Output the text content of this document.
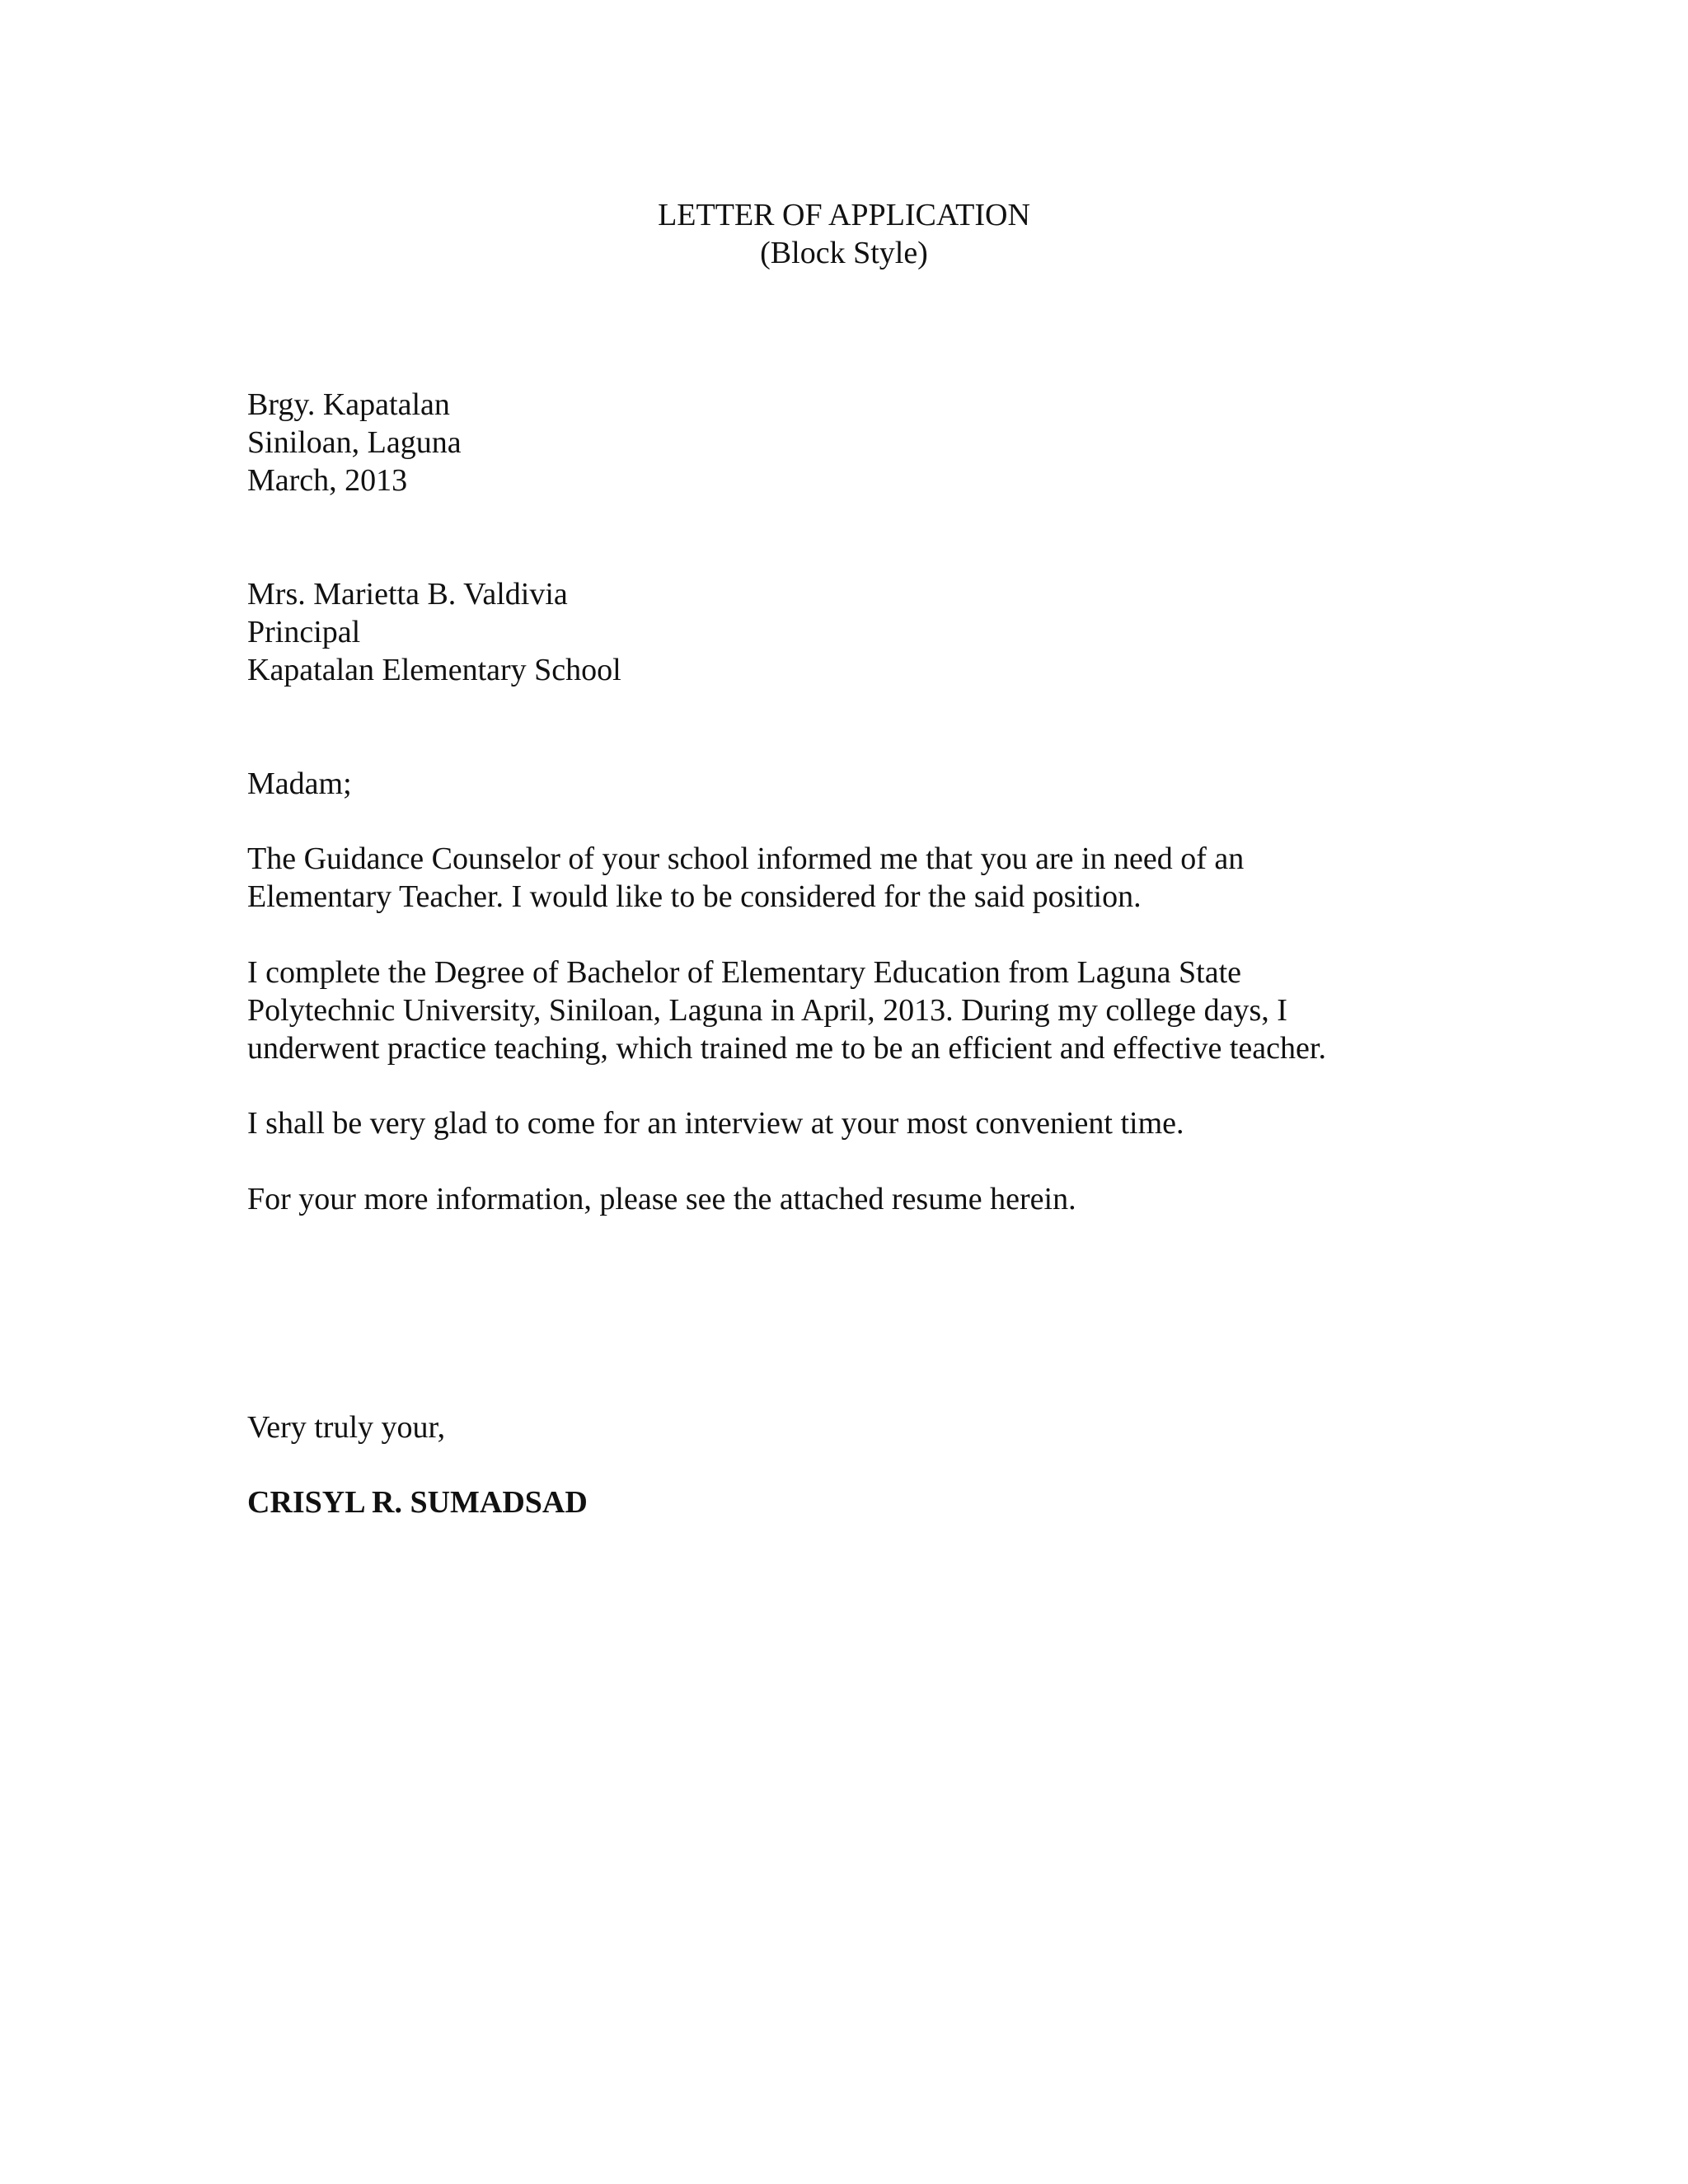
LETTER OF APPLICATION
(Block Style)
Brgy. Kapatalan
Siniloan, Laguna
March, 2013
Mrs. Marietta B. Valdivia
Principal
Kapatalan Elementary School
Madam;
The Guidance Counselor of your school informed me that you are in need of an
Elementary Teacher. I would like to be considered for the said position.
I complete the Degree of Bachelor of Elementary Education from Laguna State
Polytechnic University, Siniloan, Laguna in April, 2013. During my college days, I
underwent practice teaching, which trained me to be an efficient and effective teacher.
I shall be very glad to come for an interview at your most convenient time.
For your more information, please see the attached resume herein.
Very truly your,
CRISYL R. SUMADSAD
